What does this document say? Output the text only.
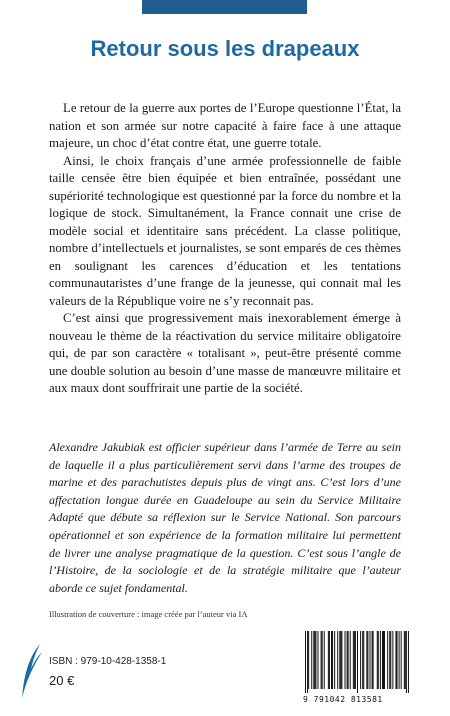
Retour sous les drapeaux

Le retour de la guerre aux portes de l’Europe questionne l’État, la nation et son armée sur notre capacité à faire face à une attaque majeure, un choc d’état contre état, une guerre totale.

Ainsi, le choix français d’une armée professionnelle de faible taille censée être bien équipée et bien entraînée, possédant une supériorité technologique est questionné par la force du nombre et la logique de stock. Simultanément, la France connait une crise de modèle social et identitaire sans précédent. La classe politique, nombre d’intellectuels et journalistes, se sont emparés de ces thèmes en soulignant les carences d’éducation et les tentations communautaristes d’une frange de la jeunesse, qui connait mal les valeurs de la République voire ne s’y reconnait pas.

C’est ainsi que progressivement mais inexorablement émerge à nouveau le thème de la réactivation du service militaire obligatoire qui, de par son caractère « totalisant », peut-être présenté comme une double solution au besoin d’une masse de manœuvre militaire et aux maux dont souffrirait une partie de la société.

Alexandre Jakubiak est officier supérieur dans l’armée de Terre au sein de laquelle il a plus particulièrement servi dans l’arme des troupes de marine et des parachutistes depuis plus de vingt ans. C’est lors d’une affectation longue durée en Guadeloupe au sein du Service Militaire Adapté que débute sa réflexion sur le Service National. Son parcours opérationnel et son expérience de la formation militaire lui permettent de livrer une analyse pragmatique de la question. C’est sous l’angle de l’Histoire, de la sociologie et de la stratégie militaire que l’auteur aborde ce sujet fondamental.
Illustration de couverture : image créée par l’auteur via IA
ISBN : 979-10-428-1358-1
20 €
9 791042 813581
